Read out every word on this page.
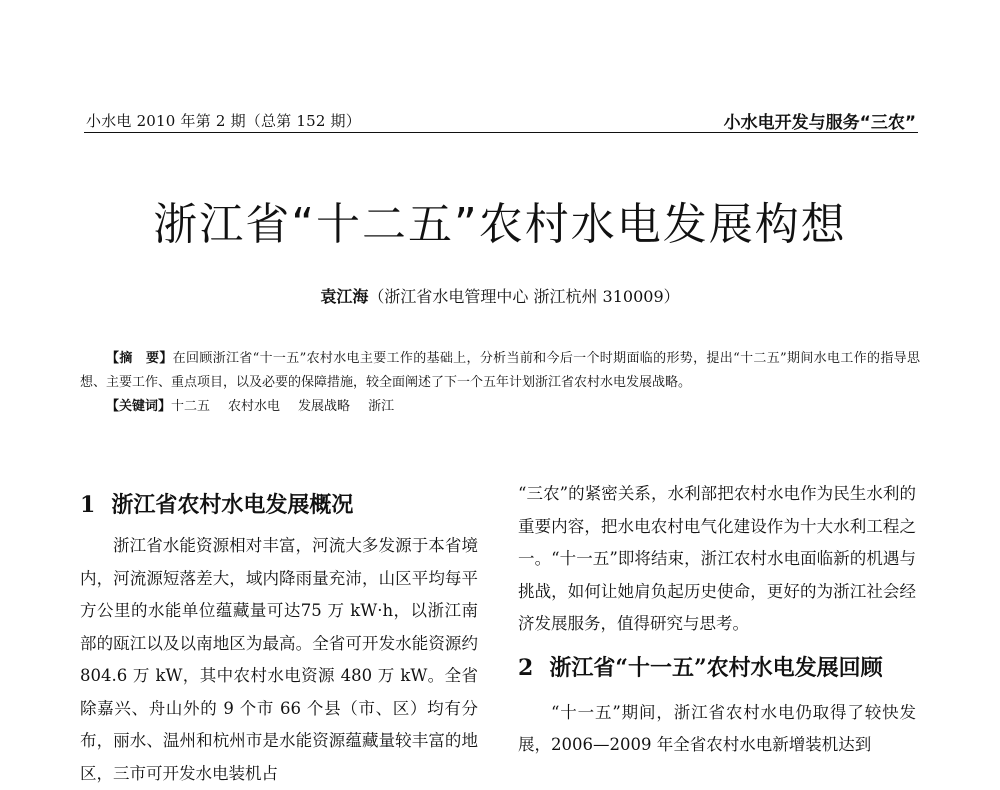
小水电 2010 年第 2 期（总第 152 期）	小水电开发与服务“三农”
浙江省“十二五”农村水电发展构想
袁江海（浙江省水电管理中心 浙江杭州 310009）

【摘　要】在回顾浙江省“十一五”农村水电主要工作的基础上，分析当前和今后一个时期面临的形势，提出“十二五”期间水电工作的指导思想、主要工作、重点项目，以及必要的保障措施，较全面阐述了下一个五年计划浙江省农村水电发展战略。

【关键词】十二五 农村水电 发展战略 浙江

1 浙江省农村水电发展概况

浙江省水能资源相对丰富，河流大多发源于本省境内，河流源短落差大，域内降雨量充沛，山区平均每平方公里的水能单位蕴藏量可达75 万 kW·h，以浙江南部的瓯江以及以南地区为最高。全省可开发水能资源约 804.6 万 kW，其中农村水电资源 480 万 kW。全省除嘉兴、舟山外的 9 个市 66 个县（市、区）均有分布，丽水、温州和杭州市是水能资源蕴藏量较丰富的地区，三市可开发水电装机占

“三农”的紧密关系，水利部把农村水电作为民生水利的重要内容，把水电农村电气化建设作为十大水利工程之一。“十一五”即将结束，浙江农村水电面临新的机遇与挑战，如何让她肩负起历史使命，更好的为浙江社会经济发展服务，值得研究与思考。

2 浙江省“十一五”农村水电发展回顾

“十一五”期间，浙江省农村水电仍取得了较快发展，2006—2009 年全省农村水电新增装机达到
